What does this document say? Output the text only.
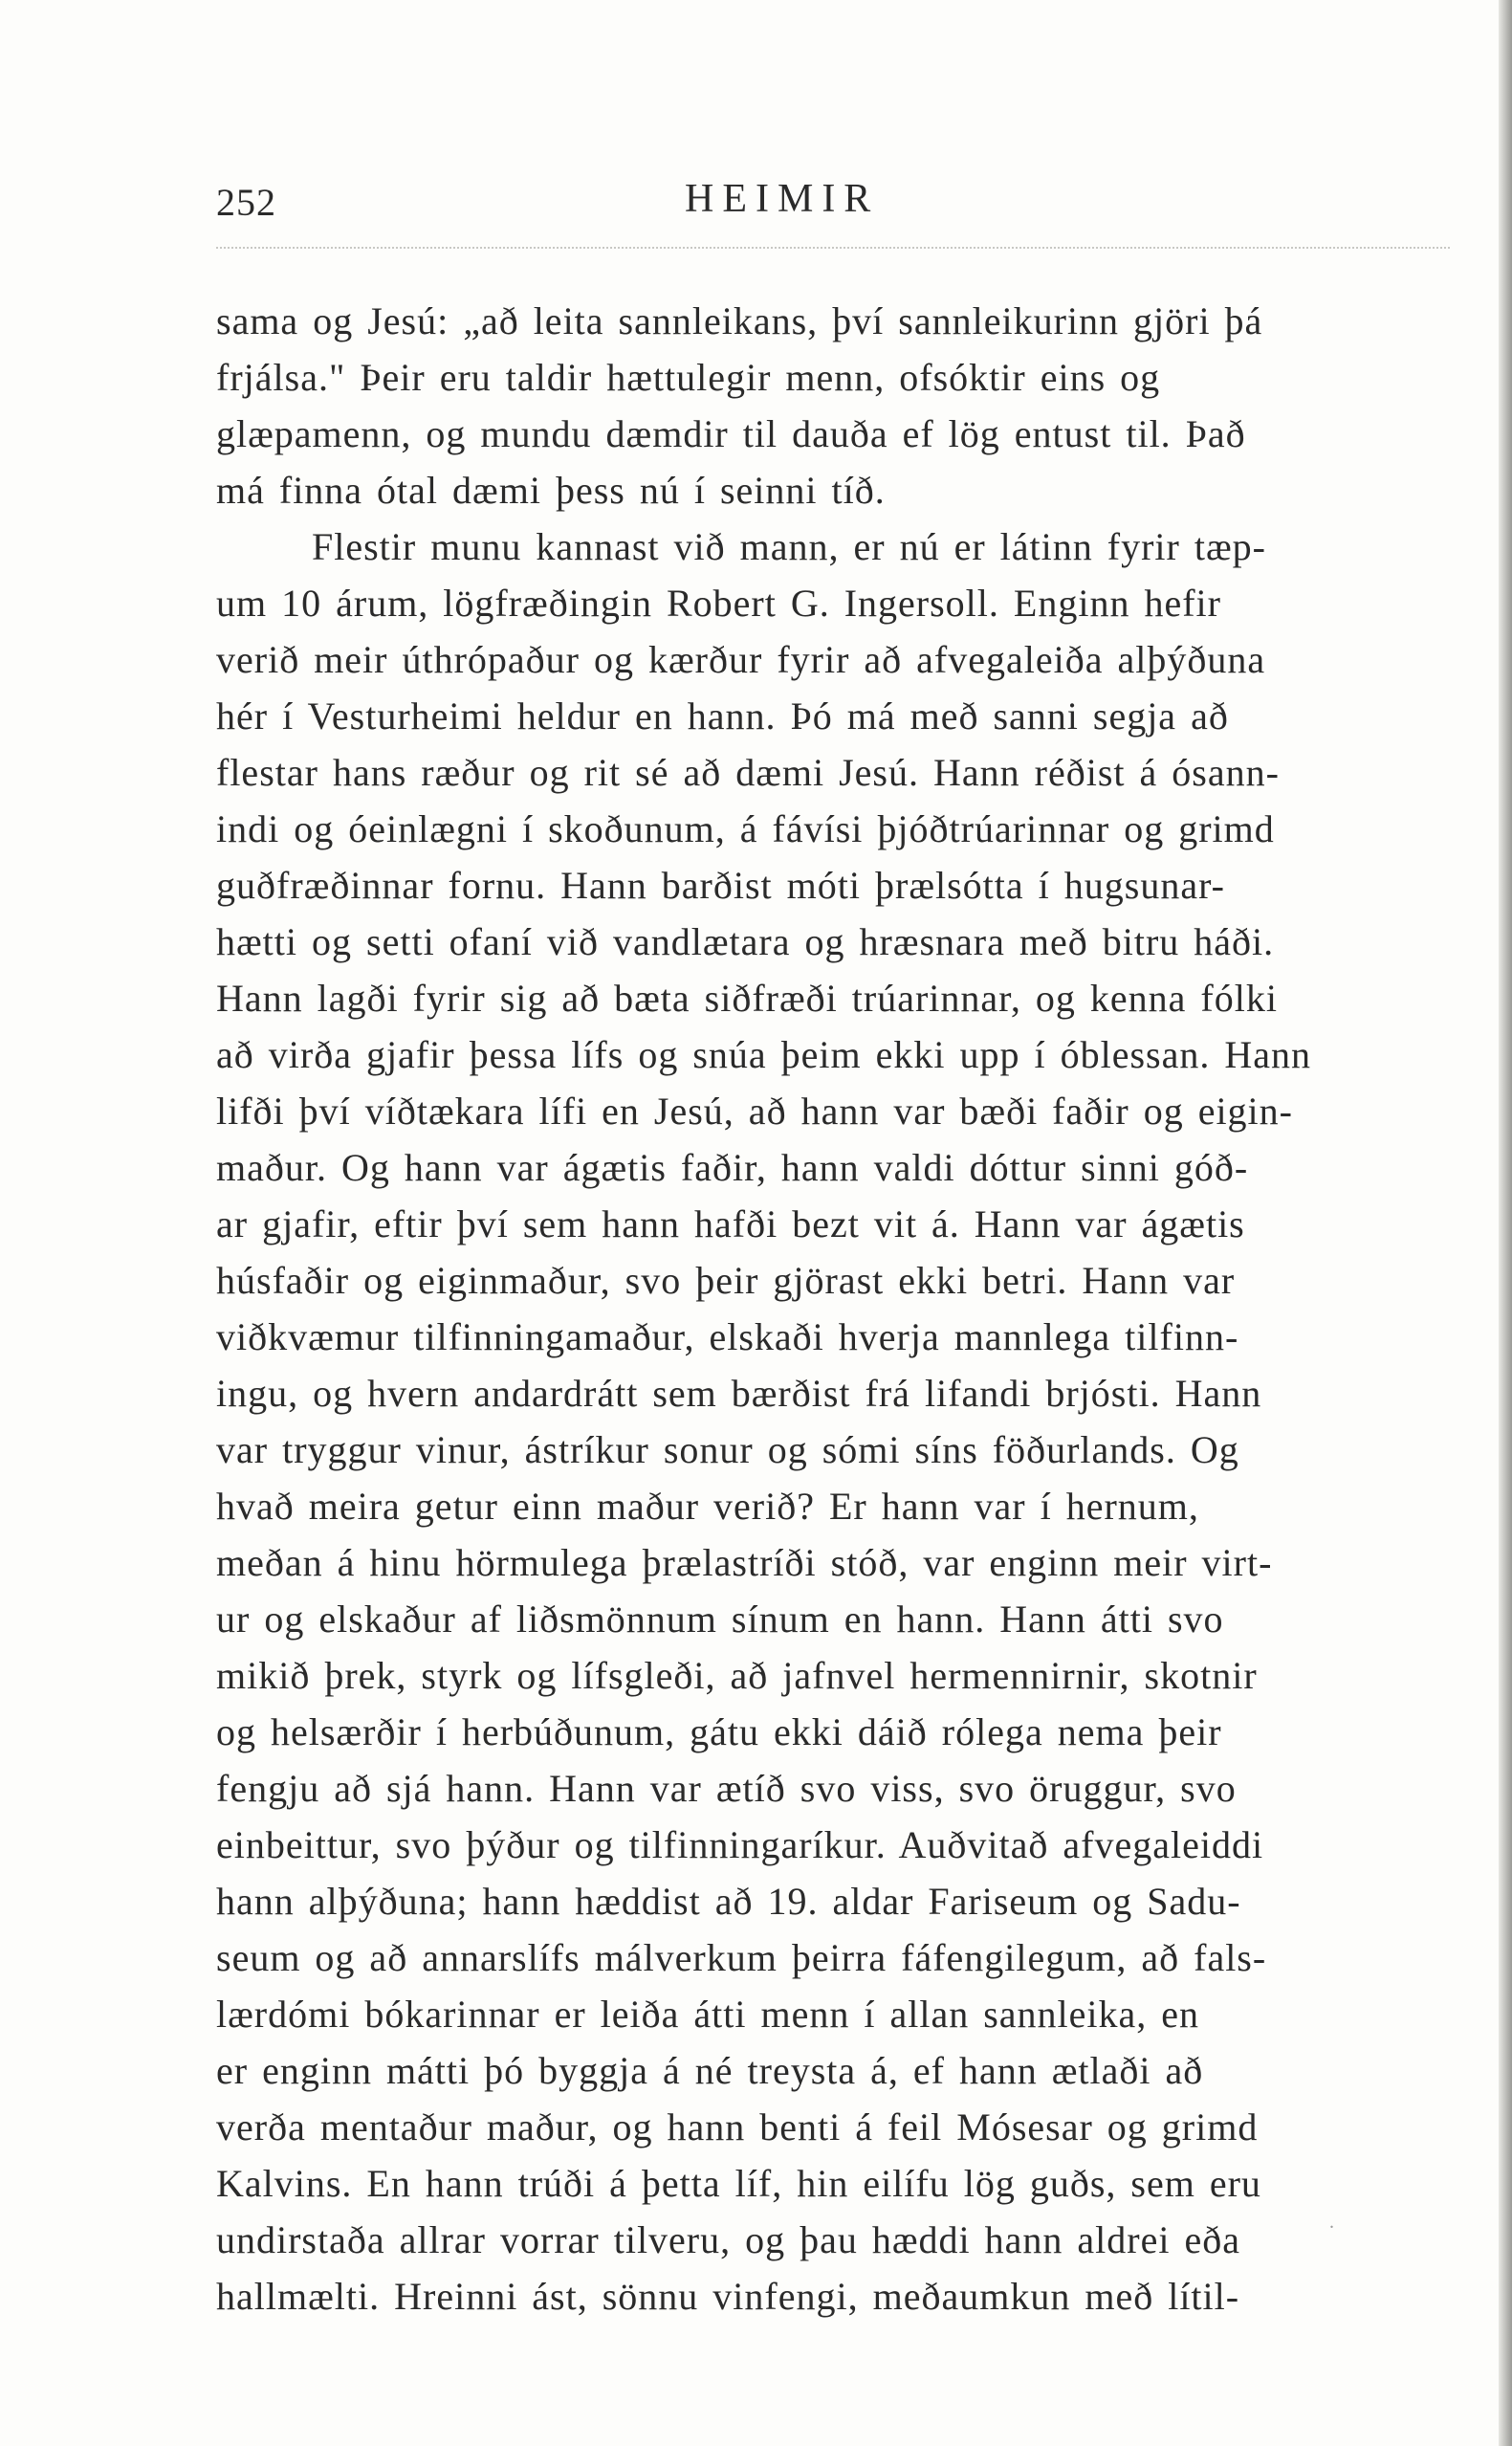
252	HEIMIR
sama og Jesú: „að leita sannleikans, því sannleikurinn gjöri þá
frjálsa." Þeir eru taldir hættulegir menn, ofsóktir eins og
glæpamenn, og mundu dæmdir til dauða ef lög entust til. Það
má finna ótal dæmi þess nú í seinni tíð.
Flestir munu kannast við mann, er nú er látinn fyrir tæp-
um 10 árum, lögfræðingin Robert G. Ingersoll. Enginn hefir
verið meir úthrópaður og kærður fyrir að afvegaleiða alþýðuna
hér í Vesturheimi heldur en hann. Þó má með sanni segja að
flestar hans ræður og rit sé að dæmi Jesú. Hann réðist á ósann-
indi og óeinlægni í skoðunum, á fávísi þjóðtrúarinnar og grimd
guðfræðinnar fornu. Hann barðist móti þrælsótta í hugsunar-
hætti og setti ofaní við vandlætara og hræsnara með bitru háði.
Hann lagði fyrir sig að bæta siðfræði trúarinnar, og kenna fólki
að virða gjafir þessa lífs og snúa þeim ekki upp í óblessan. Hann
lifði því víðtækara lífi en Jesú, að hann var bæði faðir og eigin-
maður. Og hann var ágætis faðir, hann valdi dóttur sinni góð-
ar gjafir, eftir því sem hann hafði bezt vit á. Hann var ágætis
húsfaðir og eiginmaður, svo þeir gjörast ekki betri. Hann var
viðkvæmur tilfinningamaður, elskaði hverja mannlega tilfinn-
ingu, og hvern andardrátt sem bærðist frá lifandi brjósti. Hann
var tryggur vinur, ástríkur sonur og sómi síns föðurlands. Og
hvað meira getur einn maður verið? Er hann var í hernum,
meðan á hinu hörmulega þrælastríði stóð, var enginn meir virt-
ur og elskaður af liðsmönnum sínum en hann. Hann átti svo
mikið þrek, styrk og lífsgleði, að jafnvel hermennirnir, skotnir
og helsærðir í herbúðunum, gátu ekki dáið rólega nema þeir
fengju að sjá hann. Hann var ætíð svo viss, svo öruggur, svo
einbeittur, svo þýður og tilfinningaríkur. Auðvitað afvegaleiddi
hann alþýðuna; hann hæddist að 19. aldar Fariseum og Sadu-
seum og að annarslífs málverkum þeirra fáfengilegum, að fals-
lærdómi bókarinnar er leiða átti menn í allan sannleika, en
er enginn mátti þó byggja á né treysta á, ef hann ætlaði að
verða mentaður maður, og hann benti á feil Mósesar og grimd
Kalvins. En hann trúði á þetta líf, hin eilífu lög guðs, sem eru
undirstaða allrar vorrar tilveru, og þau hæddi hann aldrei eða
hallmælti. Hreinni ást, sönnu vinfengi, meðaumkun með lítil-
.
